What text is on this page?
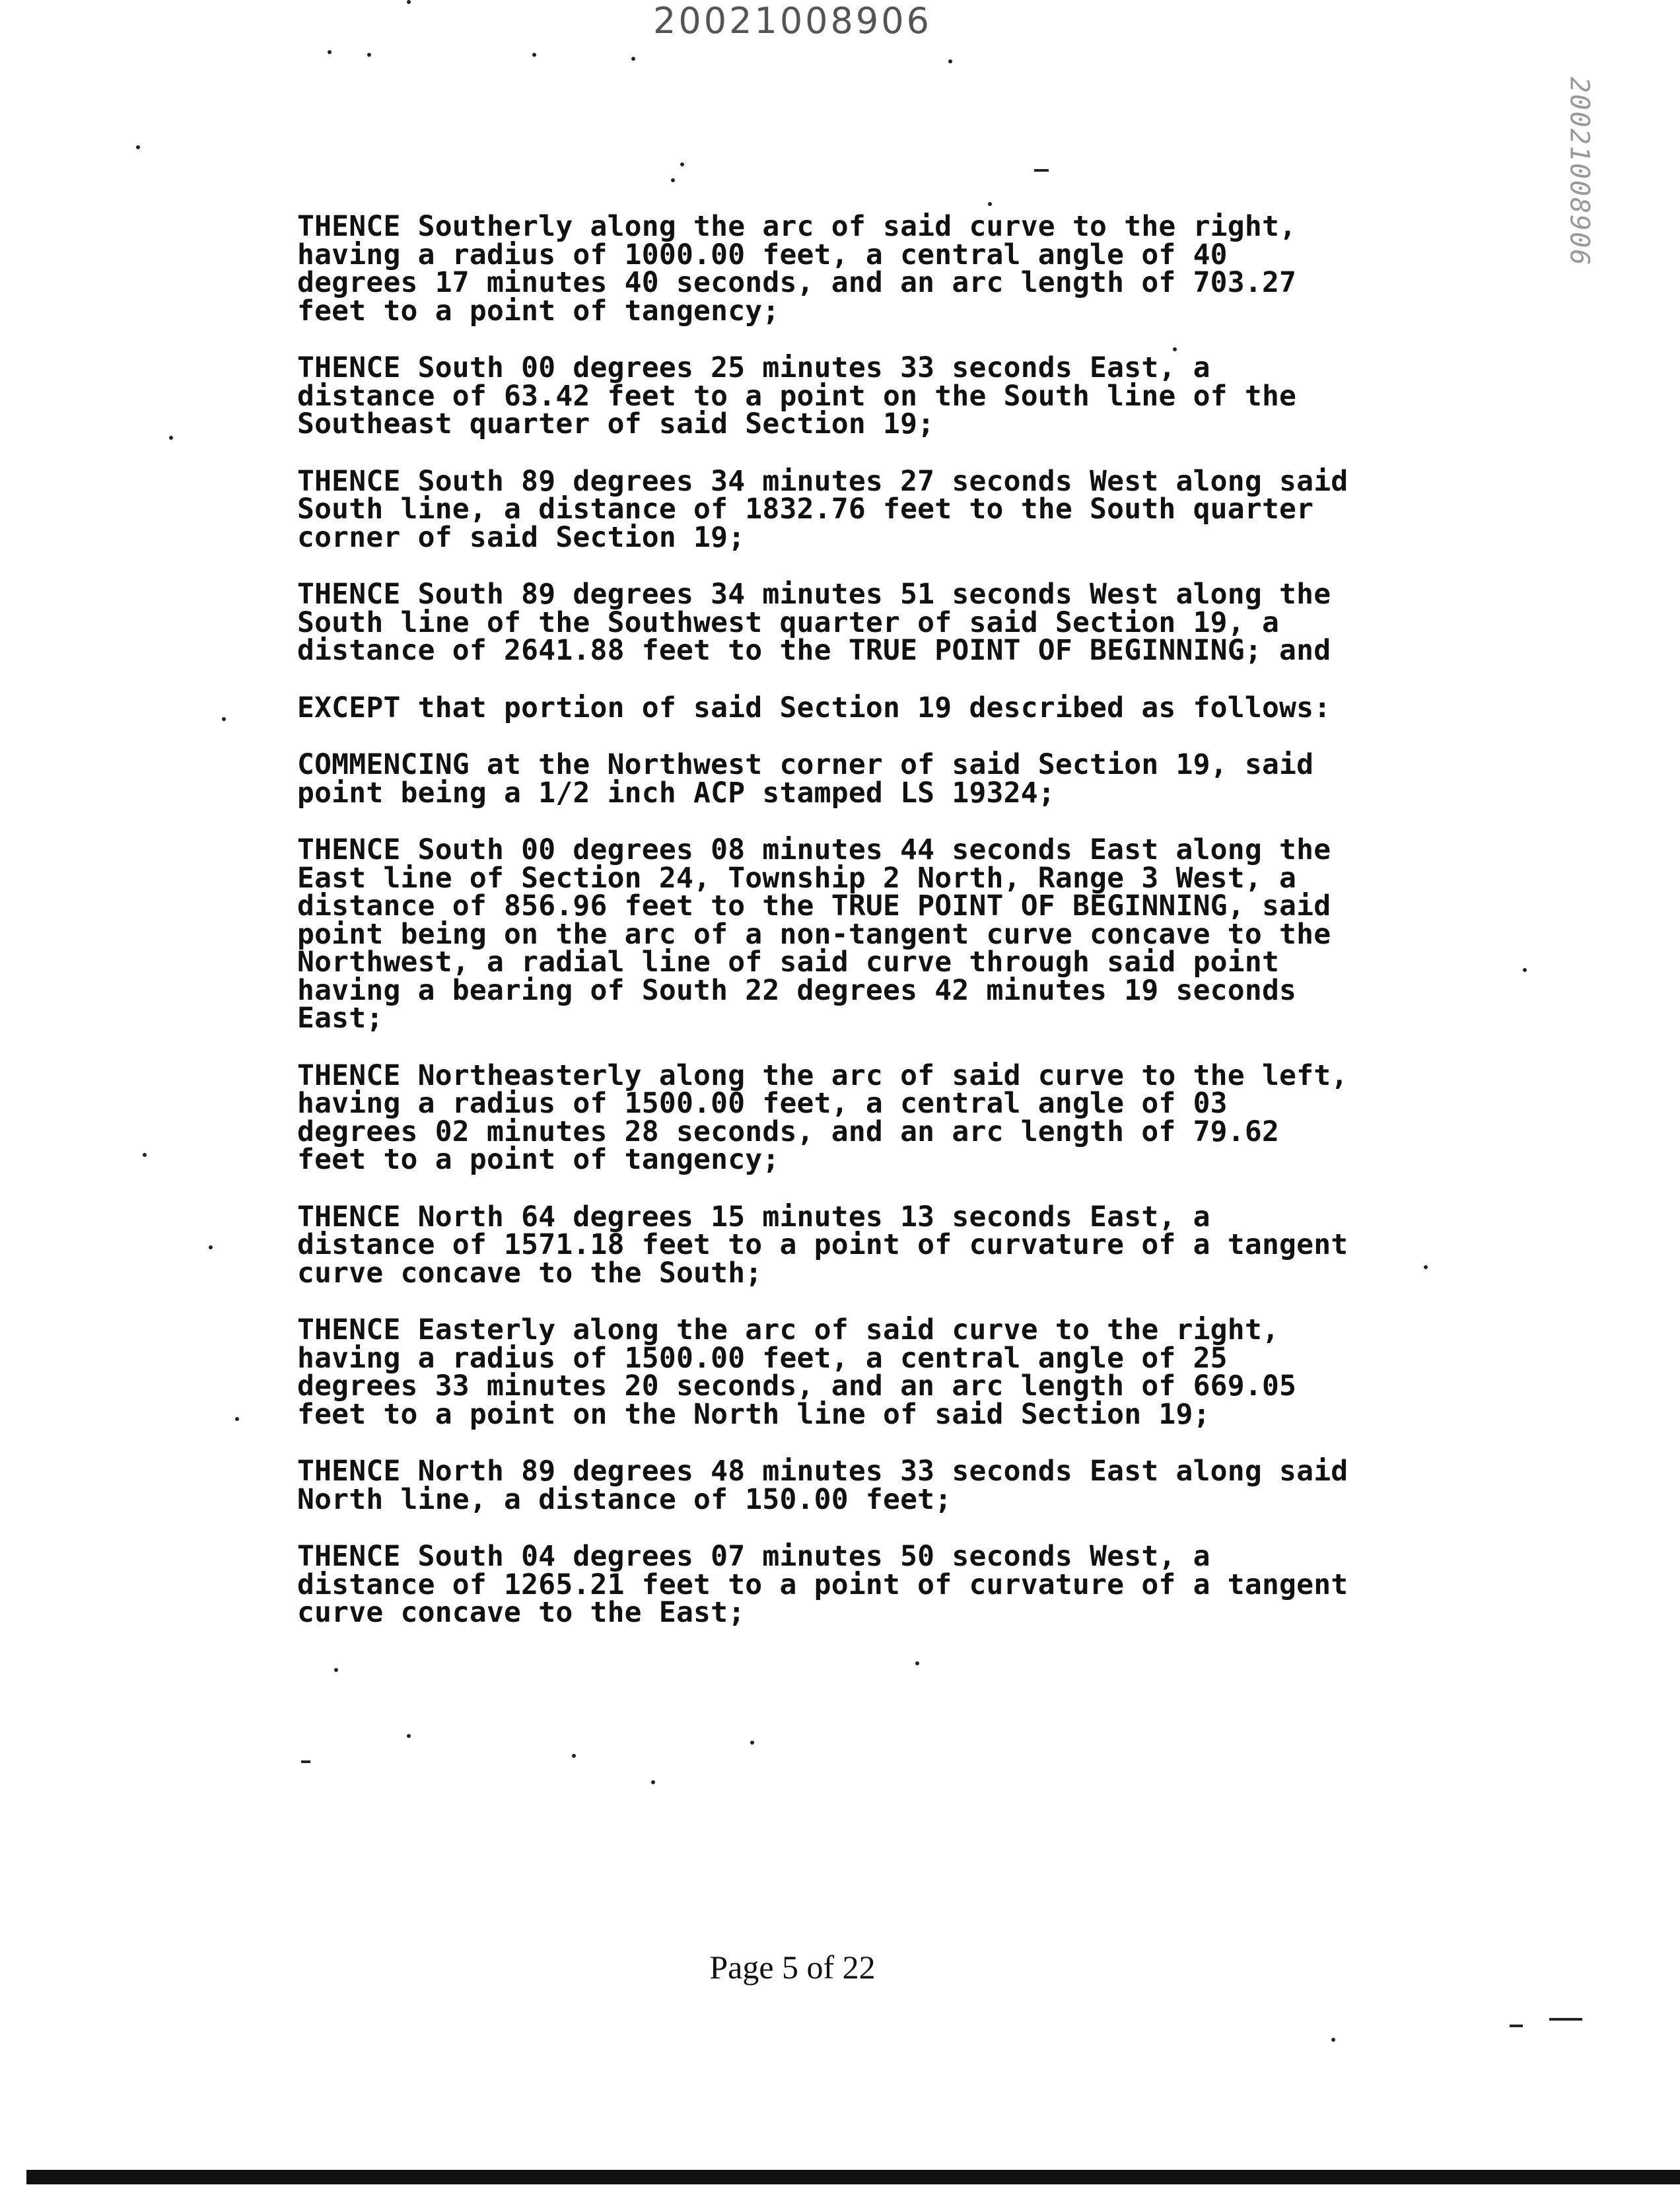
20021008906
20021008906

THENCE Southerly along the arc of said curve to the right,
having a radius of 1000.00 feet, a central angle of 40
degrees 17 minutes 40 seconds, and an arc length of 703.27
feet to a point of tangency;

THENCE South 00 degrees 25 minutes 33 seconds East, a
distance of 63.42 feet to a point on the South line of the
Southeast quarter of said Section 19;

THENCE South 89 degrees 34 minutes 27 seconds West along said
South line, a distance of 1832.76 feet to the South quarter
corner of said Section 19;

THENCE South 89 degrees 34 minutes 51 seconds West along the
South line of the Southwest quarter of said Section 19, a
distance of 2641.88 feet to the TRUE POINT OF BEGINNING; and

EXCEPT that portion of said Section 19 described as follows:

COMMENCING at the Northwest corner of said Section 19, said
point being a 1/2 inch ACP stamped LS 19324;

THENCE South 00 degrees 08 minutes 44 seconds East along the
East line of Section 24, Township 2 North, Range 3 West, a
distance of 856.96 feet to the TRUE POINT OF BEGINNING, said
point being on the arc of a non-tangent curve concave to the
Northwest, a radial line of said curve through said point
having a bearing of South 22 degrees 42 minutes 19 seconds
East;

THENCE Northeasterly along the arc of said curve to the left,
having a radius of 1500.00 feet, a central angle of 03
degrees 02 minutes 28 seconds, and an arc length of 79.62
feet to a point of tangency;

THENCE North 64 degrees 15 minutes 13 seconds East, a
distance of 1571.18 feet to a point of curvature of a tangent
curve concave to the South;

THENCE Easterly along the arc of said curve to the right,
having a radius of 1500.00 feet, a central angle of 25
degrees 33 minutes 20 seconds, and an arc length of 669.05
feet to a point on the North line of said Section 19;

THENCE North 89 degrees 48 minutes 33 seconds East along said
North line, a distance of 150.00 feet;

THENCE South 04 degrees 07 minutes 50 seconds West, a
distance of 1265.21 feet to a point of curvature of a tangent
curve concave to the East;

Page 5 of 22
